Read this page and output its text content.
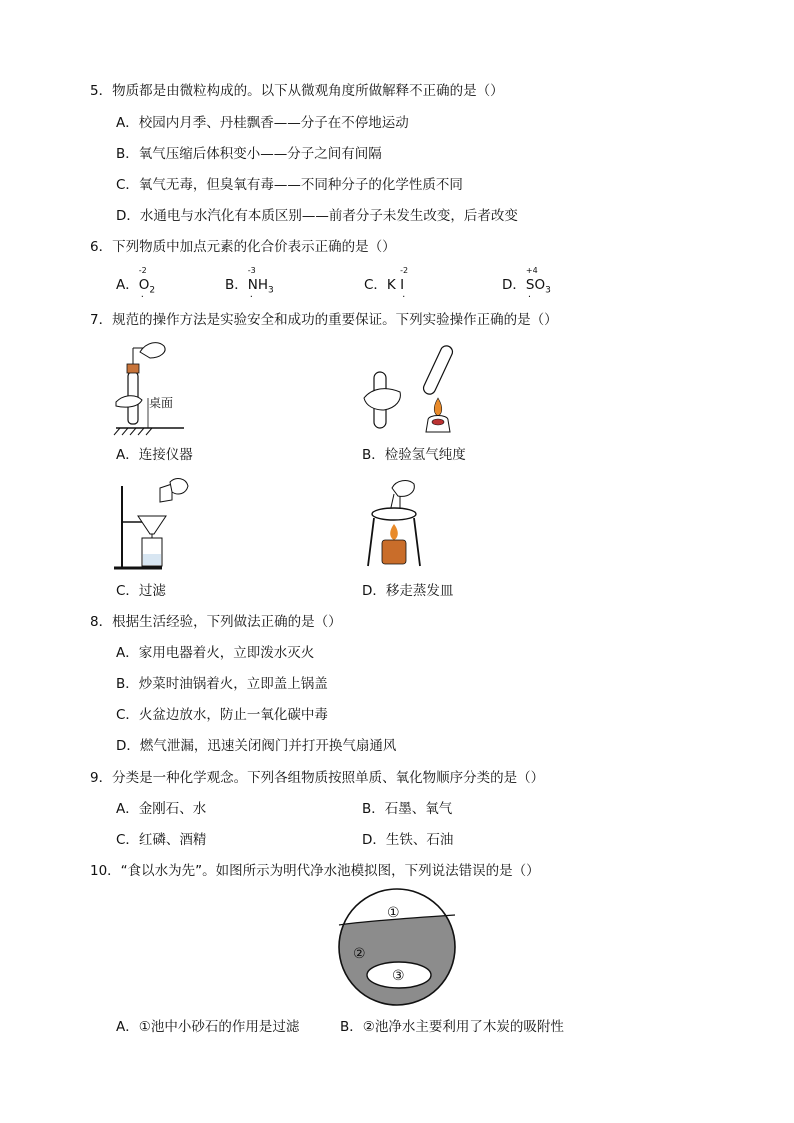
5．物质都是由微粒构成的。以下从微观角度所做解释不正确的是（）
A．校园内月季、丹桂飘香——分子在不停地运动
B．氧气压缩后体积变小——分子之间有间隔
C．氧气无毒，但臭氧有毒——不同种分子的化学性质不同
D．水通电与水汽化有本质区别——前者分子未发生改变，后者改变
6．下列物质中加点元素的化合价表示正确的是（）
A．
-2
O
·
$_2$	B．
-3
N
·
$H_3$	C．K
-2
I
·
D．
+4
S
·
$O_3$
7．规范的操作方法是实验安全和成功的重要保证。下列实验操作正确的是（）
桌面
A．连接仪器	B．检验氢气纯度
C．过滤	D．移走蒸发皿
8．根据生活经验，下列做法正确的是（）
A．家用电器着火，立即泼水灭火
B．炒菜时油锅着火，立即盖上锅盖
C．火盆边放水，防止一氧化碳中毒
D．燃气泄漏，迅速关闭阀门并打开换气扇通风
9．分类是一种化学观念。下列各组物质按照单质、氧化物顺序分类的是（）
A．金刚石、水	B．石墨、氧气
C．红磷、酒精	D．生铁、石油
10．“食以水为先”。如图所示为明代净水池模拟图，下列说法错误的是（）
①
②
③
A．①池中小砂石的作用是过滤	B．②池净水主要利用了木炭的吸附性
